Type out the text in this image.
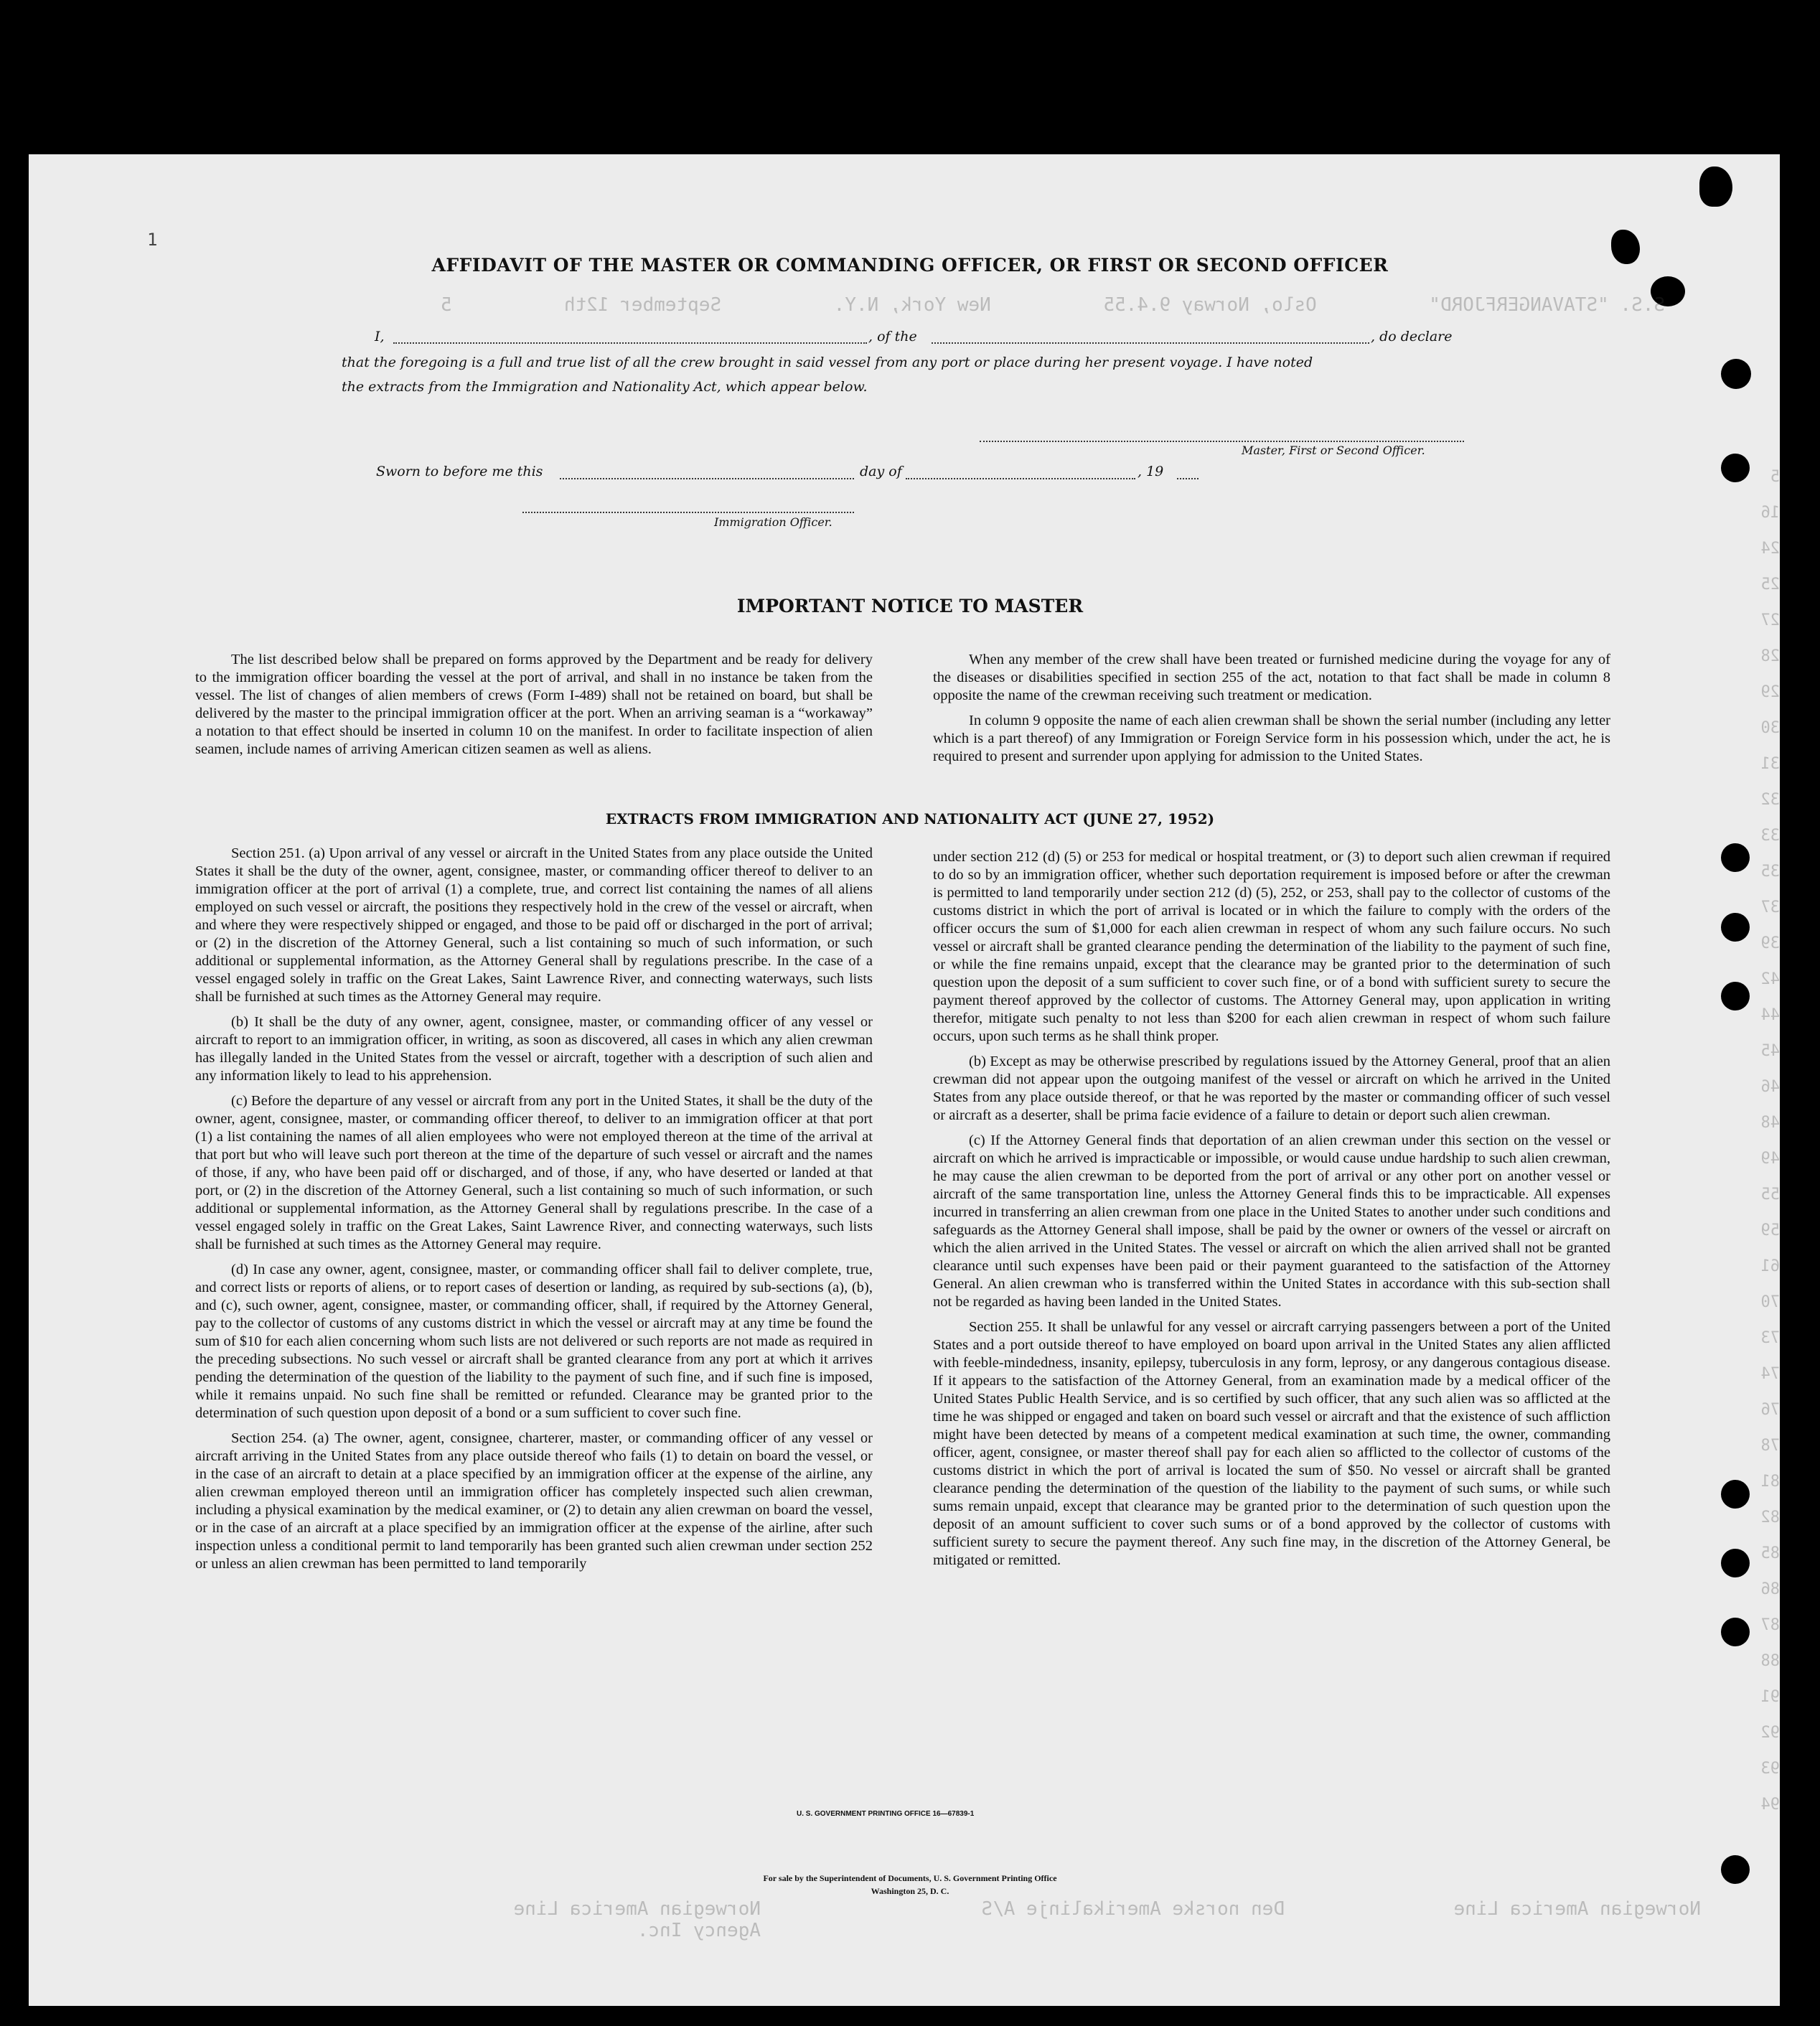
1
S.S. "STAVANGERFJORD"          Oslo, Norway 9.4.55          New York, N.Y.          September 12th          5
Norwegian America Line
Agency Inc.
Den norske Amerikalinje A/S	Norwegian America Line
5
16
24
25
27
28
29
30
31
32
33
35
37
39
42
44
45
46
48
49
55
59
61
70
73
74
76
78
81
82
85
86
87
88
91
92
93
94
AFFIDAVIT OF THE MASTER OR COMMANDING OFFICER, OR FIRST OR SECOND OFFICER
I,	, of the	, do declare
that the foregoing is a full and true list of all the crew brought in said vessel from any port or place during her present voyage. I have noted
the extracts from the Immigration and Nationality Act, which appear below.
Master, First or Second Officer.
Sworn to before me this	day of	, 19
Immigration Officer.
IMPORTANT NOTICE TO MASTER

The list described below shall be prepared on forms approved by the Department and be ready for delivery to the immigration officer boarding the vessel at the port of arrival, and shall in no instance be taken from the vessel. The list of changes of alien members of crews (Form I-489) shall not be retained on board, but shall be delivered by the master to the principal immigration officer at the port. When an arriving seaman is a “workaway” a notation to that effect should be inserted in column 10 on the manifest. In order to facilitate inspection of alien seamen, include names of arriving American citizen seamen as well as aliens.

When any member of the crew shall have been treated or furnished medicine during the voyage for any of the diseases or disabilities specified in section 255 of the act, notation to that fact shall be made in column 8 opposite the name of the crewman receiving such treatment or medication.

In column 9 opposite the name of each alien crewman shall be shown the serial number (including any letter which is a part thereof) of any Immigration or Foreign Service form in his possession which, under the act, he is required to present and surrender upon applying for admission to the United States.

EXTRACTS FROM IMMIGRATION AND NATIONALITY ACT (JUNE 27, 1952)

Section 251. (a) Upon arrival of any vessel or aircraft in the United States from any place outside the United States it shall be the duty of the owner, agent, consignee, master, or commanding officer thereof to deliver to an immigration officer at the port of arrival (1) a complete, true, and correct list containing the names of all aliens employed on such vessel or aircraft, the positions they respectively hold in the crew of the vessel or aircraft, when and where they were respectively shipped or engaged, and those to be paid off or discharged in the port of arrival; or (2) in the discretion of the Attorney General, such a list containing so much of such information, or such additional or supplemental information, as the Attorney General shall by regulations prescribe. In the case of a vessel engaged solely in traffic on the Great Lakes, Saint Lawrence River, and connecting waterways, such lists shall be furnished at such times as the Attorney General may require.

(b) It shall be the duty of any owner, agent, consignee, master, or commanding officer of any vessel or aircraft to report to an immigration officer, in writing, as soon as discovered, all cases in which any alien crewman has illegally landed in the United States from the vessel or aircraft, together with a description of such alien and any information likely to lead to his apprehension.

(c) Before the departure of any vessel or aircraft from any port in the United States, it shall be the duty of the owner, agent, consignee, master, or commanding officer thereof, to deliver to an immigration officer at that port (1) a list containing the names of all alien employees who were not employed thereon at the time of the arrival at that port but who will leave such port thereon at the time of the departure of such vessel or aircraft and the names of those, if any, who have been paid off or discharged, and of those, if any, who have deserted or landed at that port, or (2) in the discretion of the Attorney General, such a list containing so much of such information, or such additional or supplemental information, as the Attorney General shall by regulations prescribe. In the case of a vessel engaged solely in traffic on the Great Lakes, Saint Lawrence River, and connecting waterways, such lists shall be furnished at such times as the Attorney General may require.

(d) In case any owner, agent, consignee, master, or commanding officer shall fail to deliver complete, true, and correct lists or reports of aliens, or to report cases of desertion or landing, as required by sub-sections (a), (b), and (c), such owner, agent, consignee, master, or commanding officer, shall, if required by the Attorney General, pay to the collector of customs of any customs district in which the vessel or aircraft may at any time be found the sum of $10 for each alien concerning whom such lists are not delivered or such reports are not made as required in the preceding subsections. No such vessel or aircraft shall be granted clearance from any port at which it arrives pending the determination of the question of the liability to the payment of such fine, and if such fine is imposed, while it remains unpaid. No such fine shall be remitted or refunded. Clearance may be granted prior to the determination of such question upon deposit of a bond or a sum sufficient to cover such fine.

Section 254. (a) The owner, agent, consignee, charterer, master, or commanding officer of any vessel or aircraft arriving in the United States from any place outside thereof who fails (1) to detain on board the vessel, or in the case of an aircraft to detain at a place specified by an immigration officer at the expense of the airline, any alien crewman employed thereon until an immigration officer has completely inspected such alien crewman, including a physical examination by the medical examiner, or (2) to detain any alien crewman on board the vessel, or in the case of an aircraft at a place specified by an immigration officer at the expense of the airline, after such inspection unless a conditional permit to land temporarily has been granted such alien crewman under section 252 or unless an alien crewman has been permitted to land temporarily

under section 212 (d) (5) or 253 for medical or hospital treatment, or (3) to deport such alien crewman if required to do so by an immigration officer, whether such deportation requirement is imposed before or after the crewman is permitted to land temporarily under section 212 (d) (5), 252, or 253, shall pay to the collector of customs of the customs district in which the port of arrival is located or in which the failure to comply with the orders of the officer occurs the sum of $1,000 for each alien crewman in respect of whom any such failure occurs. No such vessel or aircraft shall be granted clearance pending the determination of the liability to the payment of such fine, or while the fine remains unpaid, except that the clearance may be granted prior to the determination of such question upon the deposit of a sum sufficient to cover such fine, or of a bond with sufficient surety to secure the payment thereof approved by the collector of customs. The Attorney General may, upon application in writing therefor, mitigate such penalty to not less than $200 for each alien crewman in respect of whom such failure occurs, upon such terms as he shall think proper.

(b) Except as may be otherwise prescribed by regulations issued by the Attorney General, proof that an alien crewman did not appear upon the outgoing manifest of the vessel or aircraft on which he arrived in the United States from any place outside thereof, or that he was reported by the master or commanding officer of such vessel or aircraft as a deserter, shall be prima facie evidence of a failure to detain or deport such alien crewman.

(c) If the Attorney General finds that deportation of an alien crewman under this section on the vessel or aircraft on which he arrived is impracticable or impossible, or would cause undue hardship to such alien crewman, he may cause the alien crewman to be deported from the port of arrival or any other port on another vessel or aircraft of the same transportation line, unless the Attorney General finds this to be impracticable. All expenses incurred in transferring an alien crewman from one place in the United States to another under such conditions and safeguards as the Attorney General shall impose, shall be paid by the owner or owners of the vessel or aircraft on which the alien arrived in the United States. The vessel or aircraft on which the alien arrived shall not be granted clearance until such expenses have been paid or their payment guaranteed to the satisfaction of the Attorney General. An alien crewman who is transferred within the United States in accordance with this sub-section shall not be regarded as having been landed in the United States.

Section 255. It shall be unlawful for any vessel or aircraft carrying passengers between a port of the United States and a port outside thereof to have employed on board upon arrival in the United States any alien afflicted with feeble-mindedness, insanity, epilepsy, tuberculosis in any form, leprosy, or any dangerous contagious disease. If it appears to the satisfaction of the Attorney General, from an examination made by a medical officer of the United States Public Health Service, and is so certified by such officer, that any such alien was so afflicted at the time he was shipped or engaged and taken on board such vessel or aircraft and that the existence of such affliction might have been detected by means of a competent medical examination at such time, the owner, commanding officer, agent, consignee, or master thereof shall pay for each alien so afflicted to the collector of customs of the customs district in which the port of arrival is located the sum of $50. No vessel or aircraft shall be granted clearance pending the determination of the question of the liability to the payment of such sums, or while such sums remain unpaid, except that clearance may be granted prior to the determination of such question upon the deposit of an amount sufficient to cover such sums or of a bond approved by the collector of customs with sufficient surety to secure the payment thereof. Any such fine may, in the discretion of the Attorney General, be mitigated or remitted.

U. S. GOVERNMENT PRINTING OFFICE 16—67839-1
For sale by the Superintendent of Documents, U. S. Government Printing Office
Washington 25, D. C.
